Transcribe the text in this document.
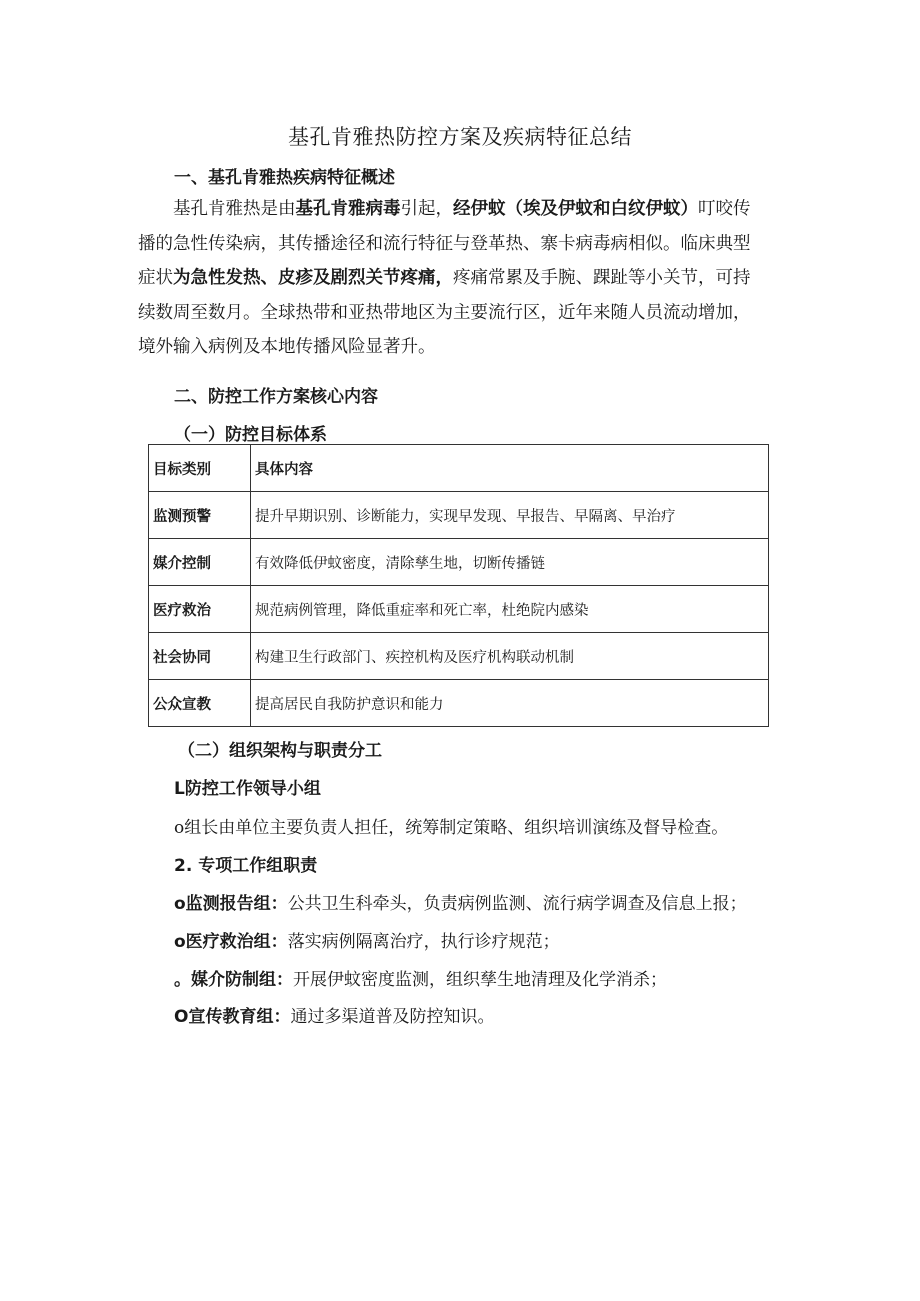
基孔肯雅热防控方案及疾病特征总结
一、基孔肯雅热疾病特征概述
基孔肯雅热是由基孔肯雅病毒引起，经伊蚊（埃及伊蚊和白纹伊蚊）叮咬传
播的急性传染病，其传播途径和流行特征与登革热、寨卡病毒病相似。临床典型
症状为急性发热、皮疹及剧烈关节疼痛，疼痛常累及手腕、踝趾等小关节，可持
续数周至数月。全球热带和亚热带地区为主要流行区，近年来随人员流动增加，
境外输入病例及本地传播风险显著升。
二、防控工作方案核心内容
（一）防控目标体系
目标类别	具体内容
监测预警	提升早期识别、诊断能力，实现早发现、早报告、早隔离、早治疗
媒介控制	有效降低伊蚊密度，清除孳生地，切断传播链
医疗救治	规范病例管理，降低重症率和死亡率，杜绝院内感染
社会协同	构建卫生行政部门、疾控机构及医疗机构联动机制
公众宣教	提高居民自我防护意识和能力
（二）组织架构与职责分工
L防控工作领导小组
o组长由单位主要负责人担任，统筹制定策略、组织培训演练及督导检查。
2. 专项工作组职责
o监测报告组：公共卫生科牵头，负责病例监测、流行病学调查及信息上报；
o医疗救治组：落实病例隔离治疗，执行诊疗规范；
。媒介防制组：开展伊蚊密度监测，组织孳生地清理及化学消杀；
O宣传教育组：通过多渠道普及防控知识。
